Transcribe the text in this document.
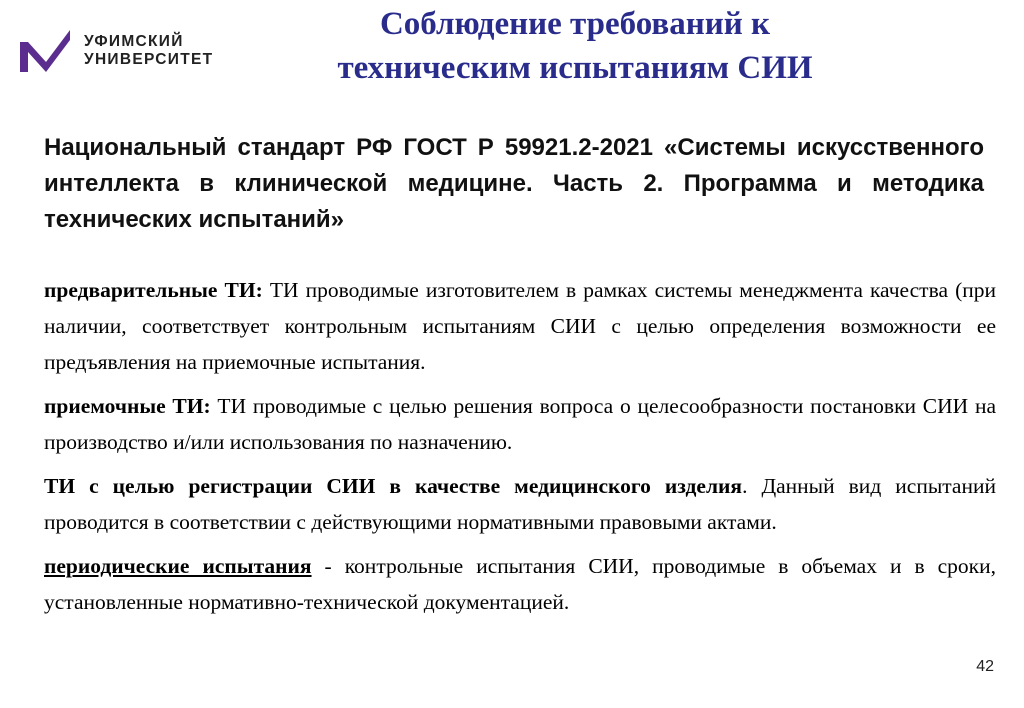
УФИМСКИЙ
УНИВЕРСИТЕТ
Соблюдение требований к
техническим испытаниям СИИ
Национальный стандарт РФ ГОСТ Р 59921.2-2021 «Системы искусственного интеллекта в клинической медицине. Часть 2. Программа и методика технических испытаний»

предварительные ТИ: ТИ проводимые изготовителем в рамках системы менеджмента качества (при наличии, соответствует контрольным испытаниям СИИ с целью определения возможности ее предъявления на приемочные испытания.

приемочные ТИ: ТИ проводимые с целью решения вопроса о целесообразности постановки СИИ на производство и/или использования по назначению.

ТИ с целью регистрации СИИ в качестве медицинского изделия. Данный вид испытаний проводится в соответствии с действующими нормативными правовыми актами.

периодические испытания - контрольные испытания СИИ, проводимые в объемах и в сроки, установленные нормативно-технической документацией.

42
